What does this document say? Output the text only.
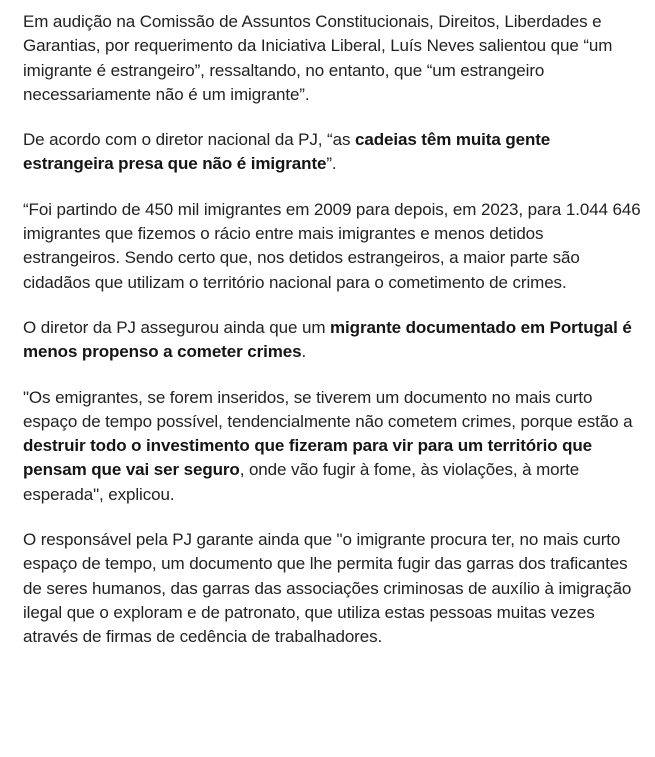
Em audição na Comissão de Assuntos Constitucionais, Direitos, Liberdades e Garantias, por requerimento da Iniciativa Liberal, Luís Neves salientou que “um imigrante é estrangeiro”, ressaltando, no entanto, que “um estrangeiro necessariamente não é um imigrante”.

De acordo com o diretor nacional da PJ, “as cadeias têm muita gente estrangeira presa que não é imigrante”.

“Foi partindo de 450 mil imigrantes em 2009 para depois, em 2023, para 1.044 646 imigrantes que fizemos o rácio entre mais imigrantes e menos detidos estrangeiros. Sendo certo que, nos detidos estrangeiros, a maior parte são cidadãos que utilizam o território nacional para o cometimento de crimes.

O diretor da PJ assegurou ainda que um migrante documentado em Portugal é menos propenso a cometer crimes.

"Os emigrantes, se forem inseridos, se tiverem um documento no mais curto espaço de tempo possível, tendencialmente não cometem crimes, porque estão a destruir todo o investimento que fizeram para vir para um território que pensam que vai ser seguro, onde vão fugir à fome, às violações, à morte esperada", explicou.

O responsável pela PJ garante ainda que "o imigrante procura ter, no mais curto espaço de tempo, um documento que lhe permita fugir das garras dos traficantes de seres humanos, das garras das associações criminosas de auxílio à imigração ilegal que o exploram e de patronato, que utiliza estas pessoas muitas vezes através de firmas de cedência de trabalhadores.
